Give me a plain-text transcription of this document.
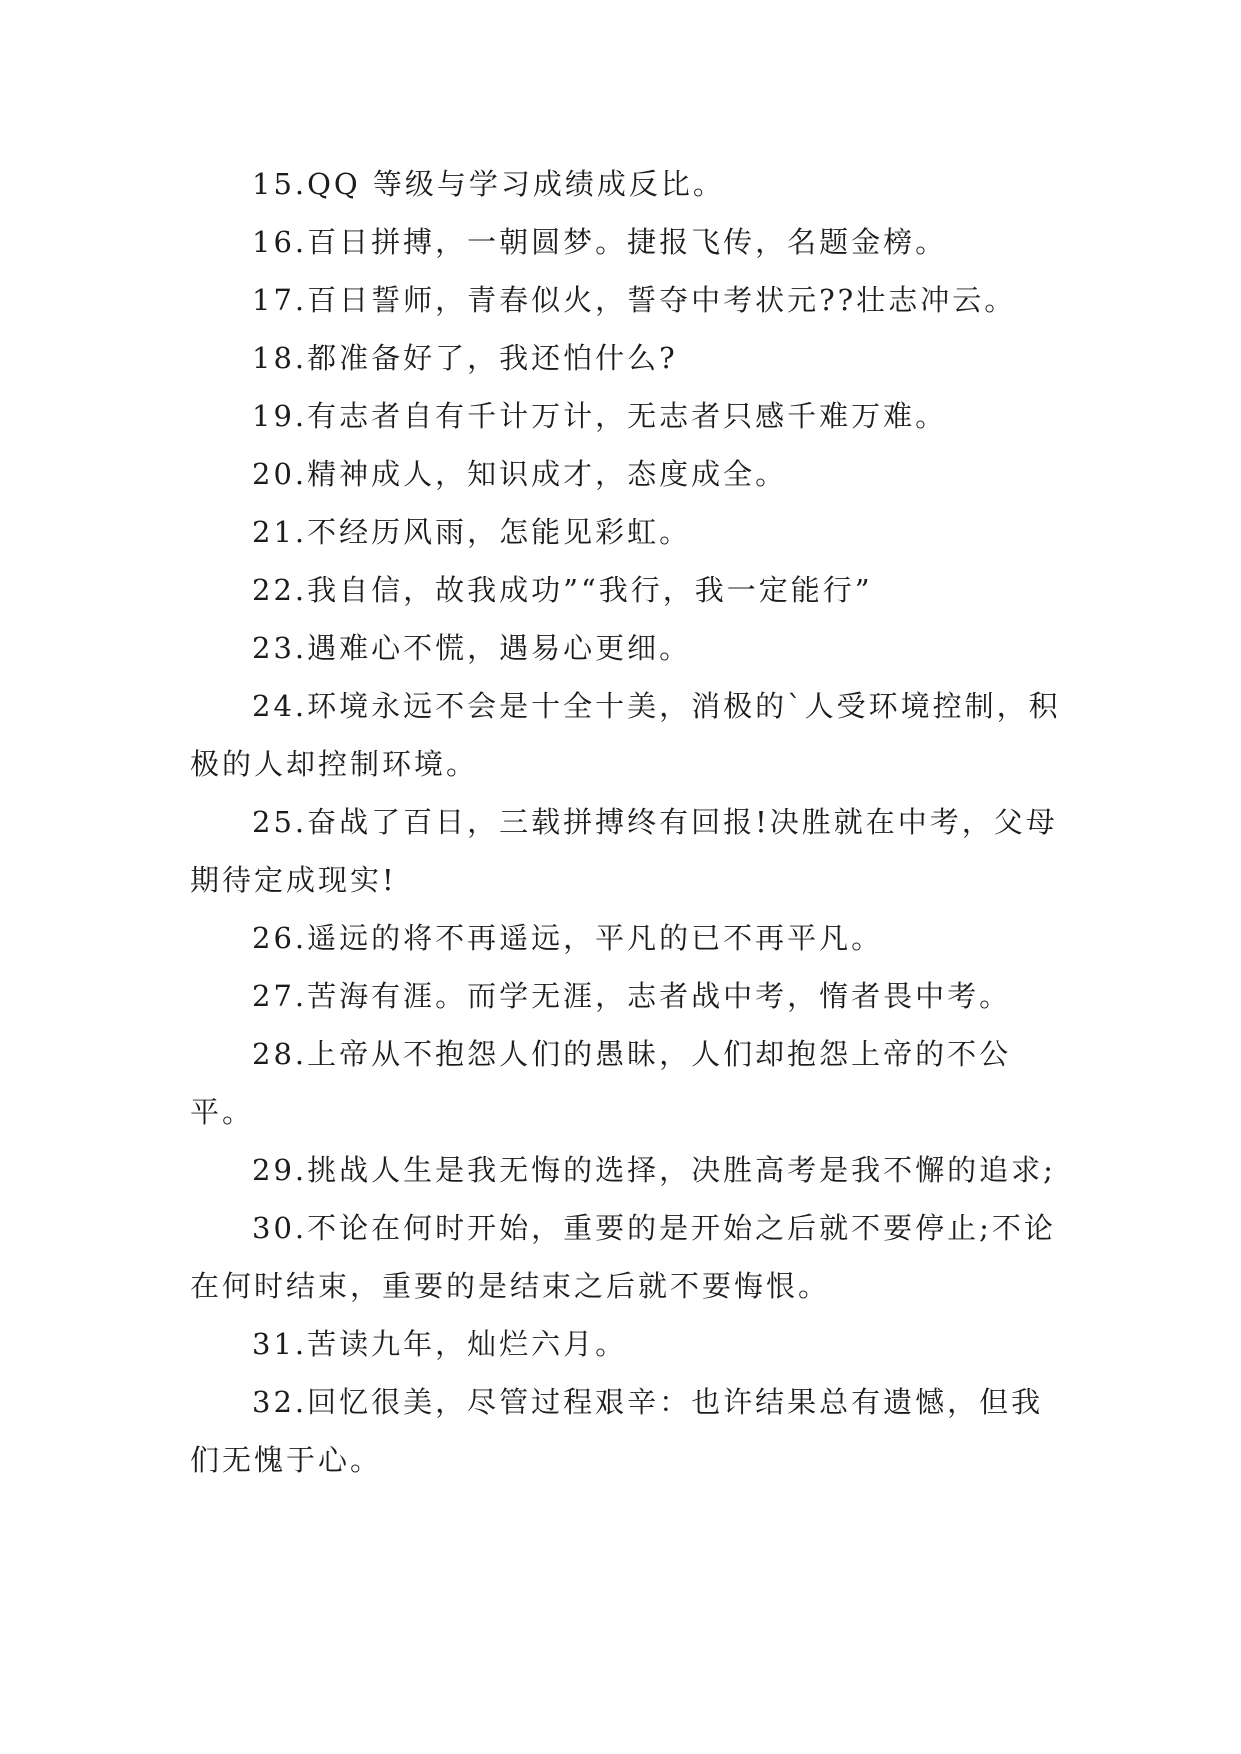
15.QQ 等级与学习成绩成反比。

16.百日拼搏，一朝圆梦。捷报飞传，名题金榜。

17.百日誓师，青春似火，誓夺中考状元??壮志冲云。

18.都准备好了，我还怕什么?

19.有志者自有千计万计，无志者只感千难万难。

20.精神成人，知识成才，态度成全。

21.不经历风雨，怎能见彩虹。

22.我自信，故我成功”“我行，我一定能行”

23.遇难心不慌，遇易心更细。

24.环境永远不会是十全十美，消极的`人受环境控制，积极的人却控制环境。

25.奋战了百日，三载拼搏终有回报!决胜就在中考，父母期待定成现实!

26.遥远的将不再遥远，平凡的已不再平凡。

27.苦海有涯。而学无涯，志者战中考，惰者畏中考。

28.上帝从不抱怨人们的愚昧，人们却抱怨上帝的不公平。

29.挑战人生是我无悔的选择，决胜高考是我不懈的追求;

30.不论在何时开始，重要的是开始之后就不要停止;不论在何时结束，重要的是结束之后就不要悔恨。

31.苦读九年，灿烂六月。

32.回忆很美，尽管过程艰辛：也许结果总有遗憾，但我们无愧于心。
